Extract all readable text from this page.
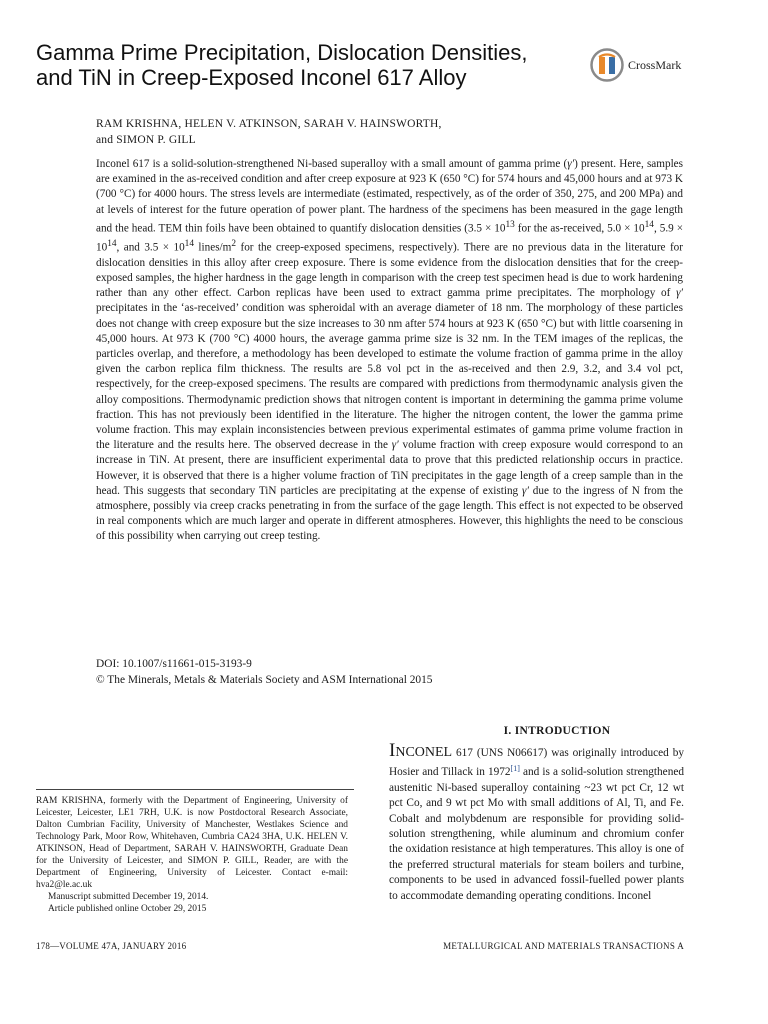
Gamma Prime Precipitation, Dislocation Densities,
and TiN in Creep-Exposed Inconel 617 Alloy	CrossMark
RAM KRISHNA, HELEN V. ATKINSON, SARAH V. HAINSWORTH,
and SIMON P. GILL
Inconel 617 is a solid-solution-strengthened Ni-based superalloy with a small amount of gamma prime (γ′) present. Here, samples are examined in the as-received condition and after creep exposure at 923 K (650 °C) for 574 hours and 45,000 hours and at 973 K (700 °C) for 4000 hours. The stress levels are intermediate (estimated, respectively, as of the order of 350, 275, and 200 MPa) and at levels of interest for the future operation of power plant. The hardness of the specimens has been measured in the gage length and the head. TEM thin foils have been obtained to quantify dislocation densities ($3.5 \times 10^{13}$ for the as-received, $5.0 \times 10^{14}$, $5.9 \times 10^{14}$, and $3.5 \times 10^{14}$ lines/$m^2$ for the creep-exposed specimens, respectively). There are no previous data in the literature for dislocation densities in this alloy after creep exposure. There is some evidence from the dislocation densities that for the creep-exposed samples, the higher hardness in the gage length in comparison with the creep test specimen head is due to work hardening rather than any other effect. Carbon replicas have been used to extract gamma prime precipitates. The morphology of γ′ precipitates in the ‘as-received’ condition was spheroidal with an average diameter of 18 nm. The morphology of these particles does not change with creep exposure but the size increases to 30 nm after 574 hours at 923 K (650 °C) but with little coarsening in 45,000 hours. At 973 K (700 °C) 4000 hours, the average gamma prime size is 32 nm. In the TEM images of the replicas, the particles overlap, and therefore, a methodology has been developed to estimate the volume fraction of gamma prime in the alloy given the carbon replica film thickness. The results are 5.8 vol pct in the as-received and then 2.9, 3.2, and 3.4 vol pct, respectively, for the creep-exposed specimens. The results are compared with predictions from thermodynamic analysis given the alloy compositions. Thermodynamic prediction shows that nitrogen content is important in determining the gamma prime volume fraction. This has not previously been identified in the literature. The higher the nitrogen content, the lower the gamma prime volume fraction. This may explain inconsistencies between previous experimental estimates of gamma prime volume fraction in the literature and the results here. The observed decrease in the γ′ volume fraction with creep exposure would correspond to an increase in TiN. At present, there are insufficient experimental data to prove that this predicted relationship occurs in practice. However, it is observed that there is a higher volume fraction of TiN precipitates in the gage length of a creep sample than in the head. This suggests that secondary TiN particles are precipitating at the expense of existing γ′ due to the ingress of N from the atmosphere, possibly via creep cracks penetrating in from the surface of the gage length. This effect is not expected to be observed in real components which are much larger and operate in different atmospheres. However, this highlights the need to be conscious of this possibility when carrying out creep testing.
DOI: 10.1007/s11661-015-3193-9
© The Minerals, Metals & Materials Society and ASM International 2015
I. INTRODUCTION
INCONEL 617 (UNS N06617) was originally introduced by Hosier and Tillack in 1972[1] and is a solid-solution strengthened austenitic Ni-based superalloy containing ~23 wt pct Cr, 12 wt pct Co, and 9 wt pct Mo with small additions of Al, Ti, and Fe. Cobalt and molybdenum are responsible for providing solid-solution strengthening, while aluminum and chromium confer the oxidation resistance at high temperatures. This alloy is one of the preferred structural materials for steam boilers and turbine, components to be used in advanced fossil-fuelled power plants to accommodate demanding operating conditions. Inconel
RAM KRISHNA, formerly with the Department of Engineering, University of Leicester, Leicester, LE1 7RH, U.K. is now Postdoctoral Research Associate, Dalton Cumbrian Facility, University of Manchester, Westlakes Science and Technology Park, Moor Row, Whitehaven, Cumbria CA24 3HA, U.K. HELEN V. ATKINSON, Head of Department, SARAH V. HAINSWORTH, Graduate Dean for the University of Leicester, and SIMON P. GILL, Reader, are with the Department of Engineering, University of Leicester. Contact e-mail: hva2@le.ac.uk
Manuscript submitted December 19, 2014.
Article published online October 29, 2015
178—VOLUME 47A, JANUARY 2016	METALLURGICAL AND MATERIALS TRANSACTIONS A
